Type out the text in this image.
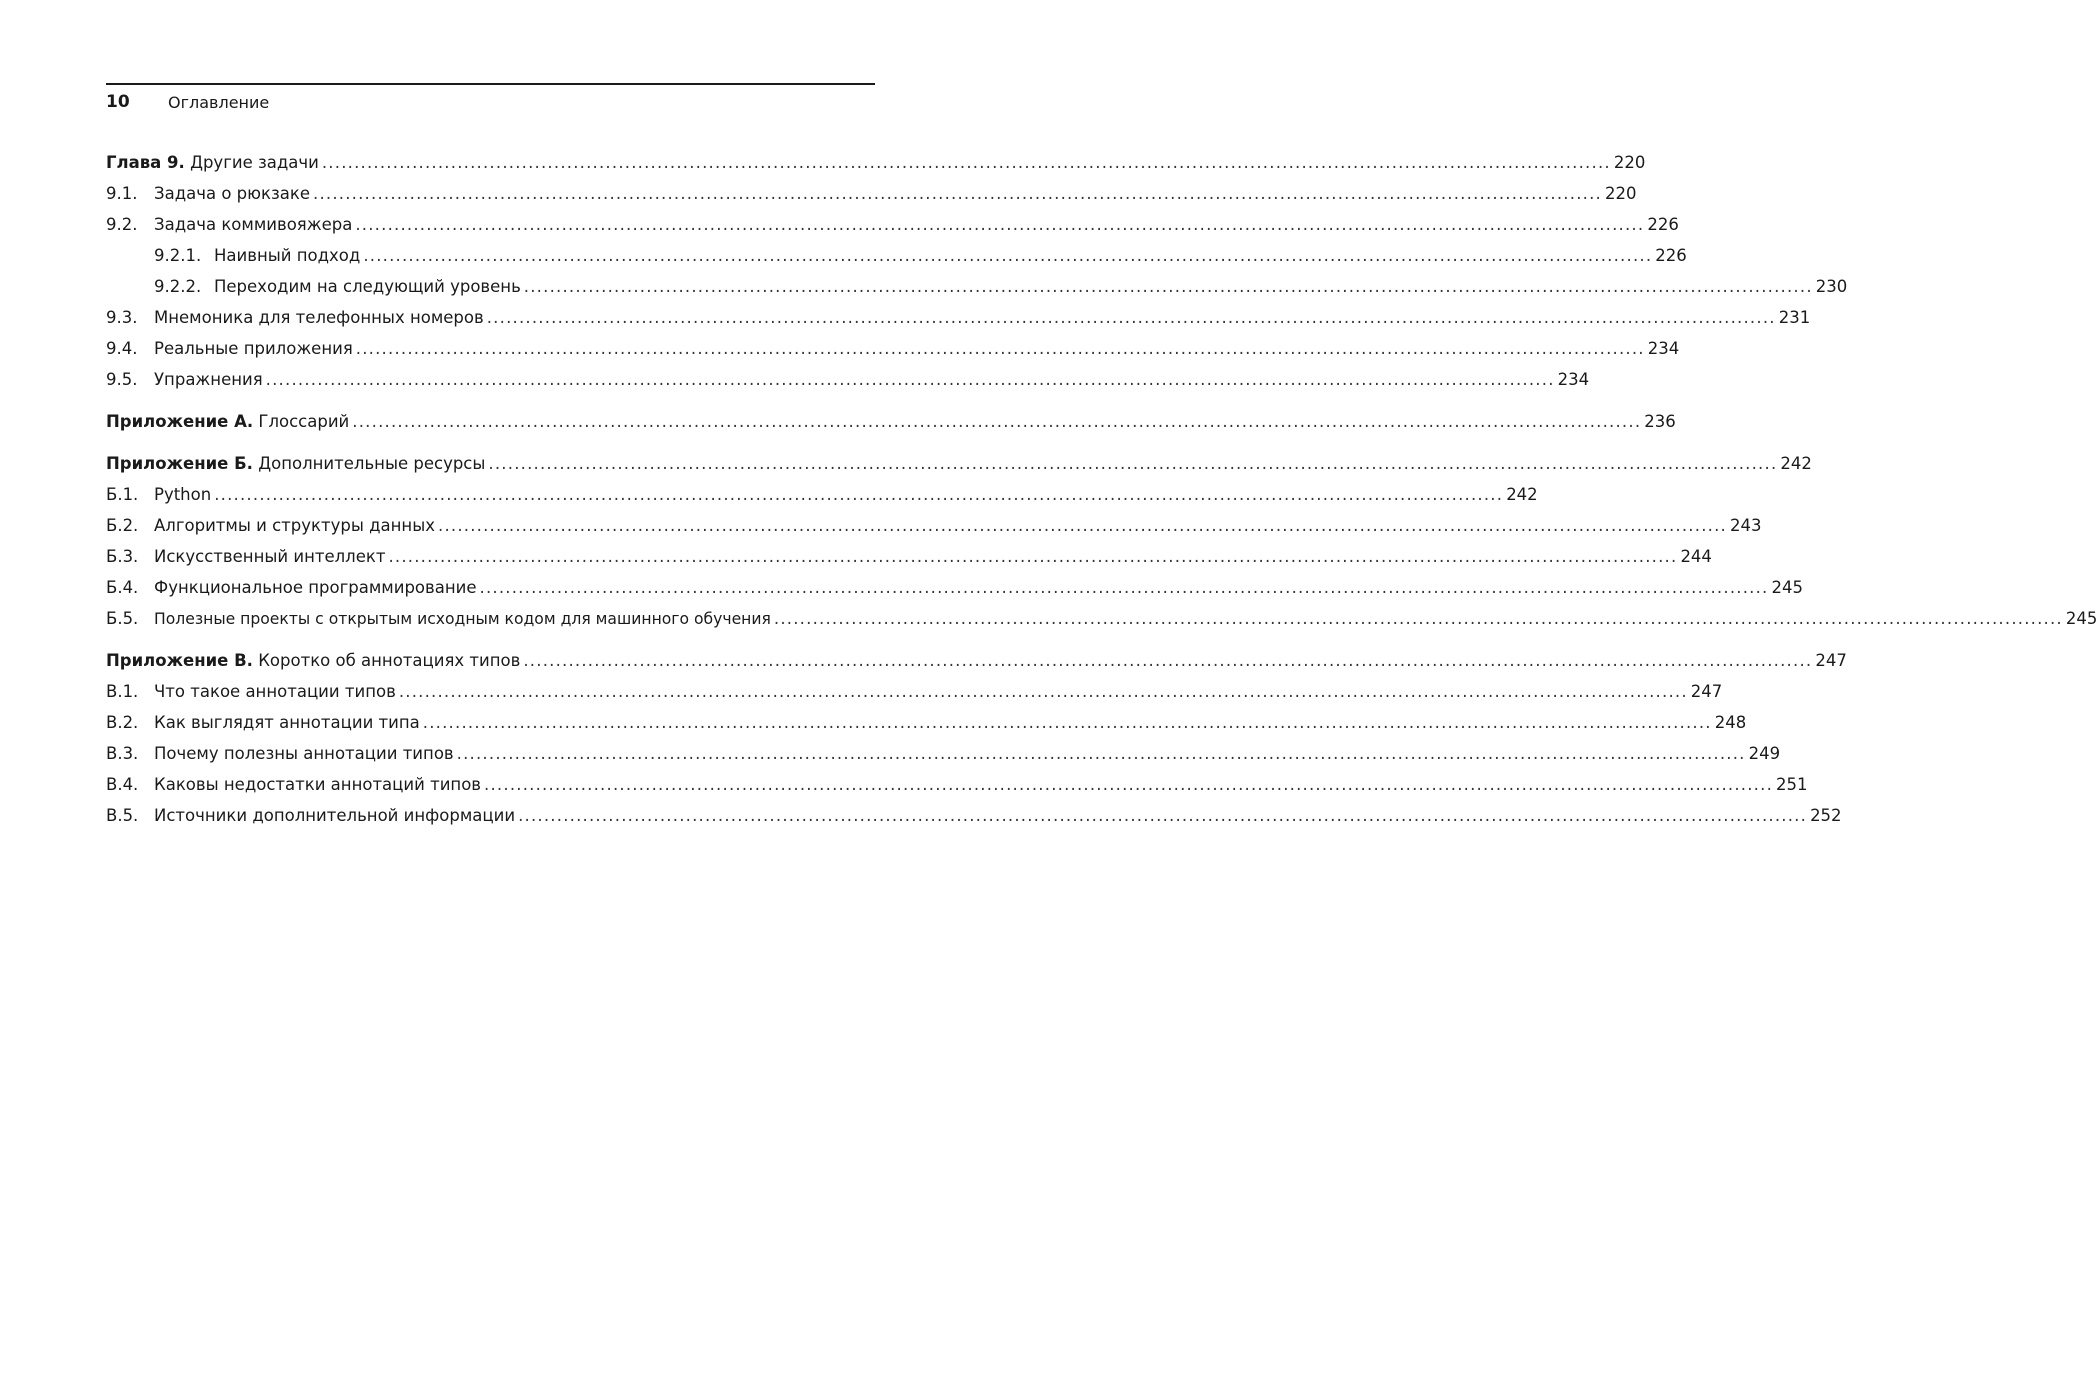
10 Оглавление
Глава 9. Другие задачи .....	220
9.1.	Задача о рюкзаке .....	220
9.2.	Задача коммивояжера .....	226
9.2.1. Наивный подход .....	226
9.2.2. Переходим на следующий уровень .....	230
9.3.	Мнемоника для телефонных номеров .....	231
9.4.	Реальные приложения .....	234
9.5.	Упражнения .....	234
Приложение А. Глоссарий .....	236
Приложение Б. Дополнительные ресурсы .....	242
Б.1. Python .....	242
Б.2. Алгоритмы и структуры данных .....	243
Б.3. Искусственный интеллект .....	244
Б.4. Функциональное программирование .....	245
Б.5.	Полезные проекты с открытым исходным кодом для машинного обучения .....	245
Приложение В. Коротко об аннотациях типов .....	247
В.1. Что такое аннотации типов .....	247
В.2. Как выглядят аннотации типа .....	248
В.3. Почему полезны аннотации типов .....	249
В.4. Каковы недостатки аннотаций типов .....	251
В.5. Источники дополнительной информации .....	252
